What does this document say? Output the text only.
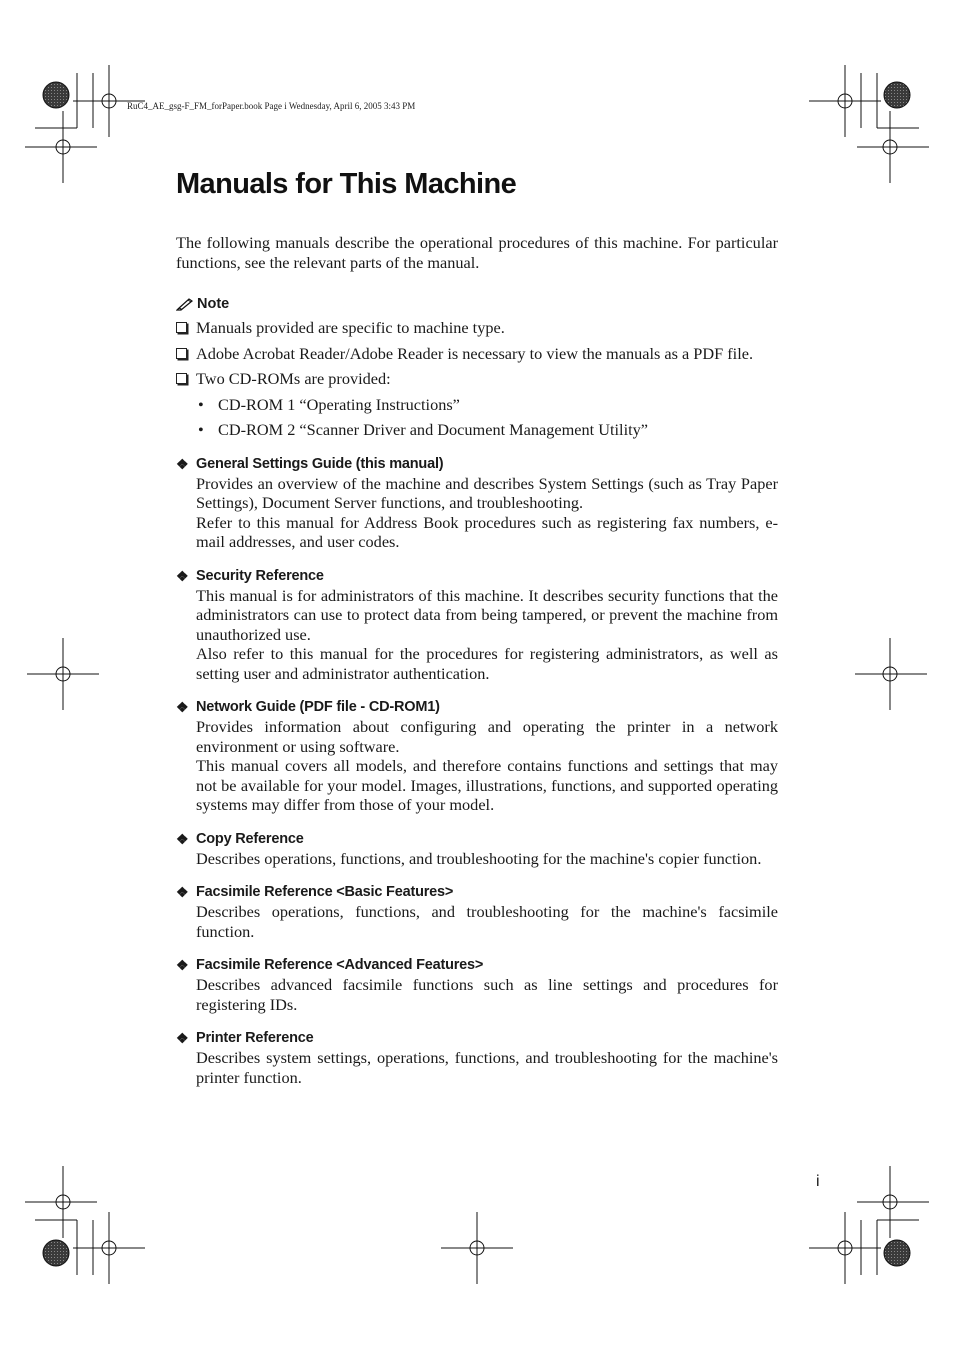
RuC4_AE_gsg-F_FM_forPaper.book Page i Wednesday, April 6, 2005 3:43 PM
Manuals for This Machine

The following manuals describe the operational procedures of this machine. For particular functions, see the relevant parts of the manual.

Note
Manuals provided are specific to machine type.
Adobe Acrobat Reader/Adobe Reader is necessary to view the manuals as a PDF file.
Two CD-ROMs are provided:
• CD-ROM 1 “Operating Instructions”
• CD-ROM 2 “Scanner Driver and Document Management Utility”
❖ General Settings Guide (this manual)

Provides an overview of the machine and describes System Settings (such as Tray Paper Settings), Document Server functions, and troubleshooting.

Refer to this manual for Address Book procedures such as registering fax numbers, e-mail addresses, and user codes.

❖ Security Reference

This manual is for administrators of this machine. It describes security functions that the administrators can use to protect data from being tampered, or prevent the machine from unauthorized use.

Also refer to this manual for the procedures for registering administrators, as well as setting user and administrator authentication.

❖ Network Guide (PDF file - CD-ROM1)

Provides information about configuring and operating the printer in a network environment or using software.

This manual covers all models, and therefore contains functions and settings that may not be available for your model. Images, illustrations, functions, and supported operating systems may differ from those of your model.

❖ Copy Reference

Describes operations, functions, and troubleshooting for the machine's copier function.

❖ Facsimile Reference <Basic Features>

Describes operations, functions, and troubleshooting for the machine's facsimile function.

❖ Facsimile Reference <Advanced Features>

Describes advanced facsimile functions such as line settings and procedures for registering IDs.

❖ Printer Reference

Describes system settings, operations, functions, and troubleshooting for the machine's printer function.

i
